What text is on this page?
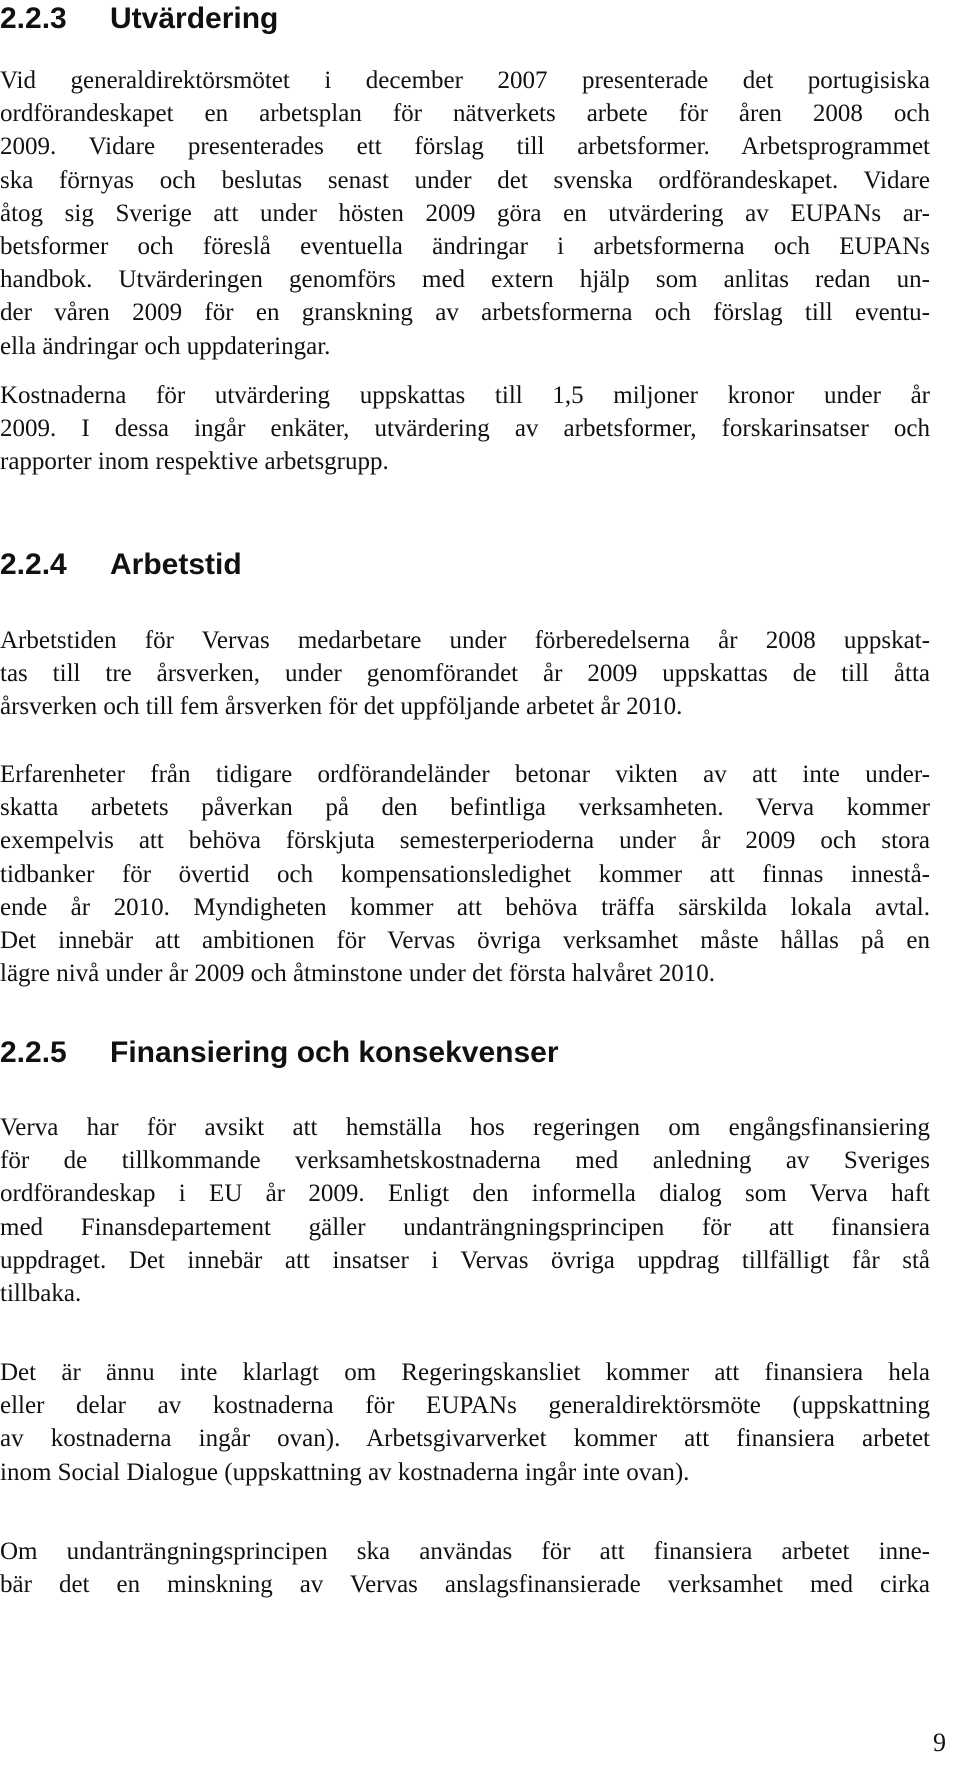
2.2.3 Utvärdering

Vid generaldirektörsmötet i december 2007 presenterade det portugisiska
ordförandeskapet en arbetsplan för nätverkets arbete för åren 2008 och
2009. Vidare presenterades ett förslag till arbetsformer. Arbetsprogrammet
ska förnyas och beslutas senast under det svenska ordförandeskapet. Vidare
åtog sig Sverige att under hösten 2009 göra en utvärdering av EUPANs ar-
betsformer och föreslå eventuella ändringar i arbetsformerna och EUPANs
handbok. Utvärderingen genomförs med extern hjälp som anlitas redan un-
der våren 2009 för en granskning av arbetsformerna och förslag till eventu-
ella ändringar och uppdateringar.

Kostnaderna för utvärdering uppskattas till 1,5 miljoner kronor under år
2009. I dessa ingår enkäter, utvärdering av arbetsformer, forskarinsatser och
rapporter inom respektive arbetsgrupp.

2.2.4 Arbetstid

Arbetstiden för Vervas medarbetare under förberedelserna år 2008 uppskat-
tas till tre årsverken, under genomförandet år 2009 uppskattas de till åtta
årsverken och till fem årsverken för det uppföljande arbetet år 2010.

Erfarenheter från tidigare ordförandeländer betonar vikten av att inte under-
skatta arbetets påverkan på den befintliga verksamheten. Verva kommer
exempelvis att behöva förskjuta semesterperioderna under år 2009 och stora
tidbanker för övertid och kompensationsledighet kommer att finnas innestå-
ende år 2010. Myndigheten kommer att behöva träffa särskilda lokala avtal.
Det innebär att ambitionen för Vervas övriga verksamhet måste hållas på en
lägre nivå under år 2009 och åtminstone under det första halvåret 2010.

2.2.5 Finansiering och konsekvenser

Verva har för avsikt att hemställa hos regeringen om engångsfinansiering
för de tillkommande verksamhetskostnaderna med anledning av Sveriges
ordförandeskap i EU år 2009. Enligt den informella dialog som Verva haft
med Finansdepartement gäller undanträngningsprincipen för att finansiera
uppdraget. Det innebär att insatser i Vervas övriga uppdrag tillfälligt får stå
tillbaka.

Det är ännu inte klarlagt om Regeringskansliet kommer att finansiera hela
eller delar av kostnaderna för EUPANs generaldirektörsmöte (uppskattning
av kostnaderna ingår ovan). Arbetsgivarverket kommer att finansiera arbetet
inom Social Dialogue (uppskattning av kostnaderna ingår inte ovan).

Om undanträngningsprincipen ska användas för att finansiera arbetet inne-
bär det en minskning av Vervas anslagsfinansierade verksamhet med cirka

9
